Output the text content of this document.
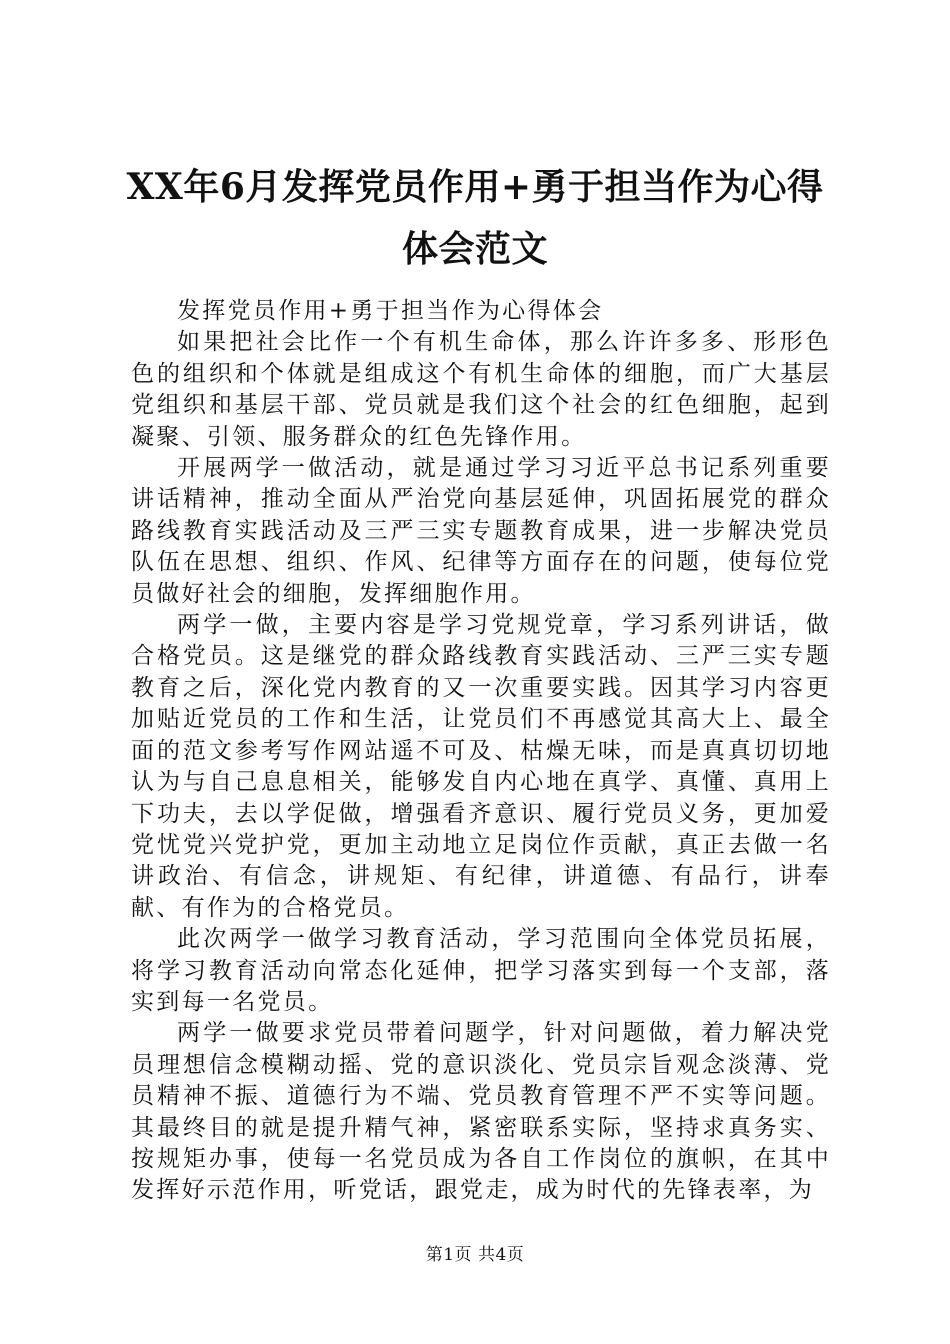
XX年6月发挥党员作用+勇于担当作为心得体会范文

发挥党员作用+勇于担当作为心得体会

如果把社会比作一个有机生命体，那么许许多多、形形色色的组织和个体就是组成这个有机生命体的细胞，而广大基层党组织和基层干部、党员就是我们这个社会的红色细胞，起到凝聚、引领、服务群众的红色先锋作用。

开展两学一做活动，就是通过学习习近平总书记系列重要讲话精神，推动全面从严治党向基层延伸，巩固拓展党的群众路线教育实践活动及三严三实专题教育成果，进一步解决党员队伍在思想、组织、作风、纪律等方面存在的问题，使每位党员做好社会的细胞，发挥细胞作用。

两学一做，主要内容是学习党规党章，学习系列讲话，做合格党员。这是继党的群众路线教育实践活动、三严三实专题教育之后，深化党内教育的又一次重要实践。因其学习内容更加贴近党员的工作和生活，让党员们不再感觉其高大上、最全面的范文参考写作网站遥不可及、枯燥无味，而是真真切切地认为与自己息息相关，能够发自内心地在真学、真懂、真用上下功夫，去以学促做，增强看齐意识、履行党员义务，更加爱党忧党兴党护党，更加主动地立足岗位作贡献，真正去做一名讲政治、有信念，讲规矩、有纪律，讲道德、有品行，讲奉献、有作为的合格党员。

此次两学一做学习教育活动，学习范围向全体党员拓展，将学习教育活动向常态化延伸，把学习落实到每一个支部，落实到每一名党员。

两学一做要求党员带着问题学，针对问题做，着力解决党员理想信念模糊动摇、党的意识淡化、党员宗旨观念淡薄、党员精神不振、道德行为不端、党员教育管理不严不实等问题。其最终目的就是提升精气神，紧密联系实际，坚持求真务实、按规矩办事，使每一名党员成为各自工作岗位的旗帜，在其中发挥好示范作用，听党话，跟党走，成为时代的先锋表率，为

第1页 共4页
